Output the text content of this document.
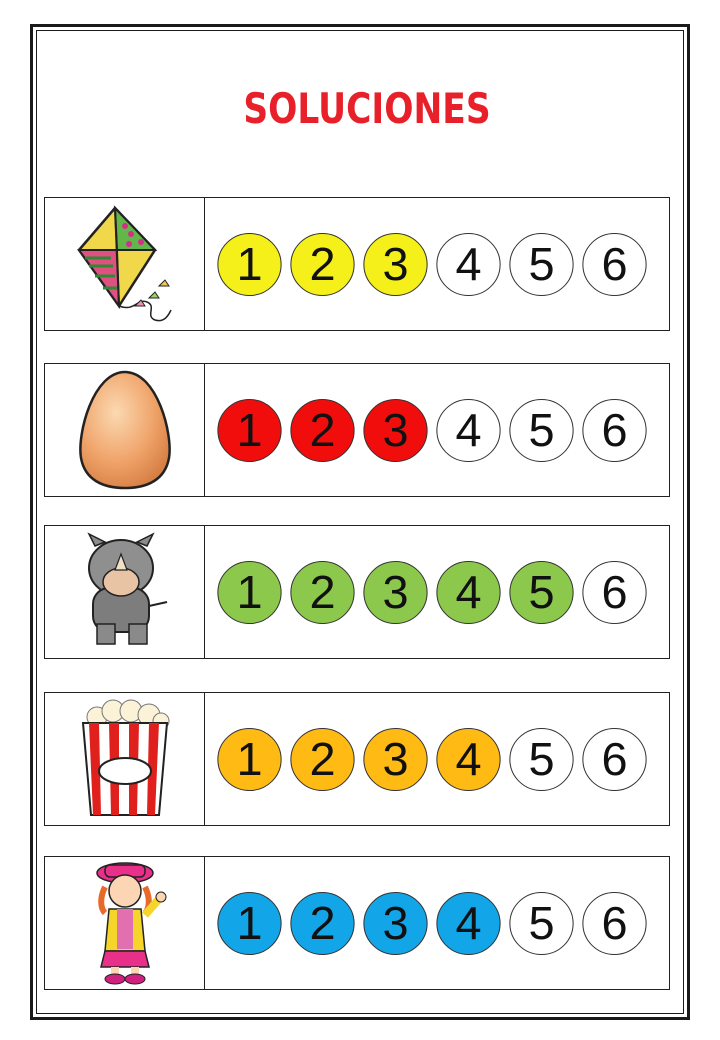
SOLUCIONES
1 2 3 4 5 6
1 2 3 4 5 6
1 2 3 4 5 6
1 2 3 4 5 6
1 2 3 4 5 6
